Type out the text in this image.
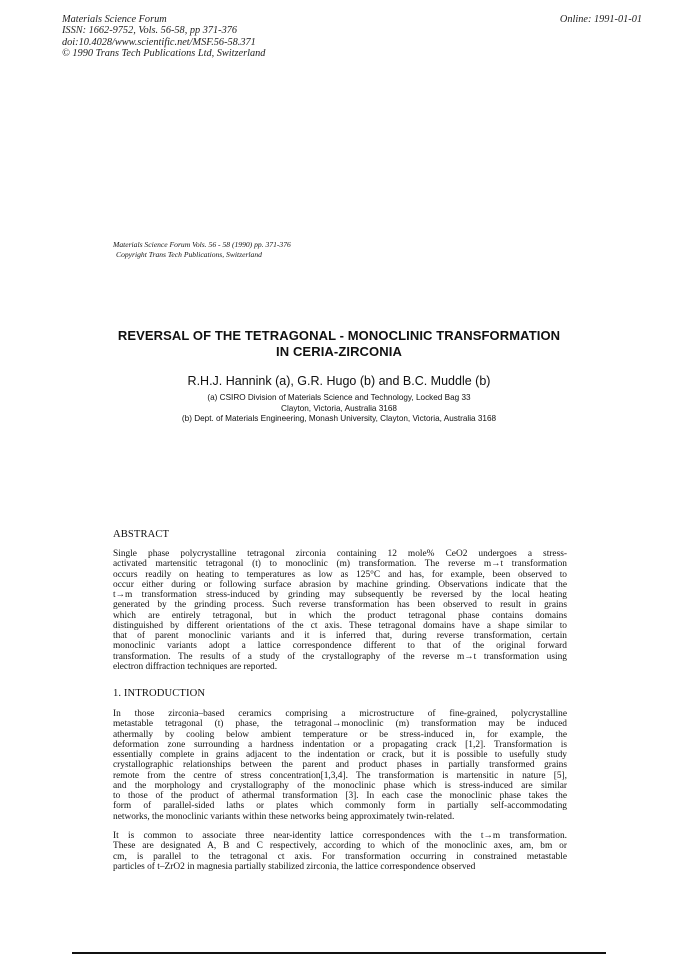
Materials Science Forum
ISSN: 1662-9752, Vols. 56-58, pp 371-376
doi:10.4028/www.scientific.net/MSF.56-58.371
© 1990 Trans Tech Publications Ltd, Switzerland
Online: 1991-01-01
Materials Science Forum Vols. 56 - 58 (1990) pp. 371-376
Copyright Trans Tech Publications, Switzerland
REVERSAL OF THE TETRAGONAL - MONOCLINIC TRANSFORMATION
IN CERIA-ZIRCONIA
R.H.J. Hannink (a), G.R. Hugo (b) and B.C. Muddle (b)
(a) CSIRO Division of Materials Science and Technology, Locked Bag 33
Clayton, Victoria, Australia 3168
(b) Dept. of Materials Engineering, Monash University, Clayton, Victoria, Australia 3168
ABSTRACT
Single phase polycrystalline tetragonal zirconia containing 12 mole% CeO2 undergoes a stress-
activated martensitic tetragonal (t) to monoclinic (m) transformation. The reverse m→t transformation
occurs readily on heating to temperatures as low as 125°C and has, for example, been observed to
occur either during or following surface abrasion by machine grinding. Observations indicate that the
t→m transformation stress-induced by grinding may subsequently be reversed by the local heating
generated by the grinding process. Such reverse transformation has been observed to result in grains
which are entirely tetragonal, but in which the product tetragonal phase contains domains
distinguished by different orientations of the ct axis. These tetragonal domains have a shape similar to
that of parent monoclinic variants and it is inferred that, during reverse transformation, certain
monoclinic variants adopt a lattice correspondence different to that of the original forward
transformation. The results of a study of the crystallography of the reverse m→t transformation using
electron diffraction techniques are reported.
1. INTRODUCTION
In those zirconia–based ceramics comprising a microstructure of fine-grained, polycrystalline
metastable tetragonal (t) phase, the tetragonal→monoclinic (m) transformation may be induced
athermally by cooling below ambient temperature or be stress-induced in, for example, the
deformation zone surrounding a hardness indentation or a propagating crack [1,2]. Transformation is
essentially complete in grains adjacent to the indentation or crack, but it is possible to usefully study
crystallographic relationships between the parent and product phases in partially transformed grains
remote from the centre of stress concentration[1,3,4]. The transformation is martensitic in nature [5],
and the morphology and crystallography of the monoclinic phase which is stress-induced are similar
to those of the product of athermal transformation [3]. In each case the monoclinic phase takes the
form of parallel-sided laths or plates which commonly form in partially self-accommodating
networks, the monoclinic variants within these networks being approximately twin-related.
It is common to associate three near-identity lattice correspondences with the t→m transformation.
These are designated A, B and C respectively, according to which of the monoclinic axes, am, bm or
cm, is parallel to the tetragonal ct axis. For transformation occurring in constrained metastable
particles of t–ZrO2 in magnesia partially stabilized zirconia, the lattice correspondence observed
